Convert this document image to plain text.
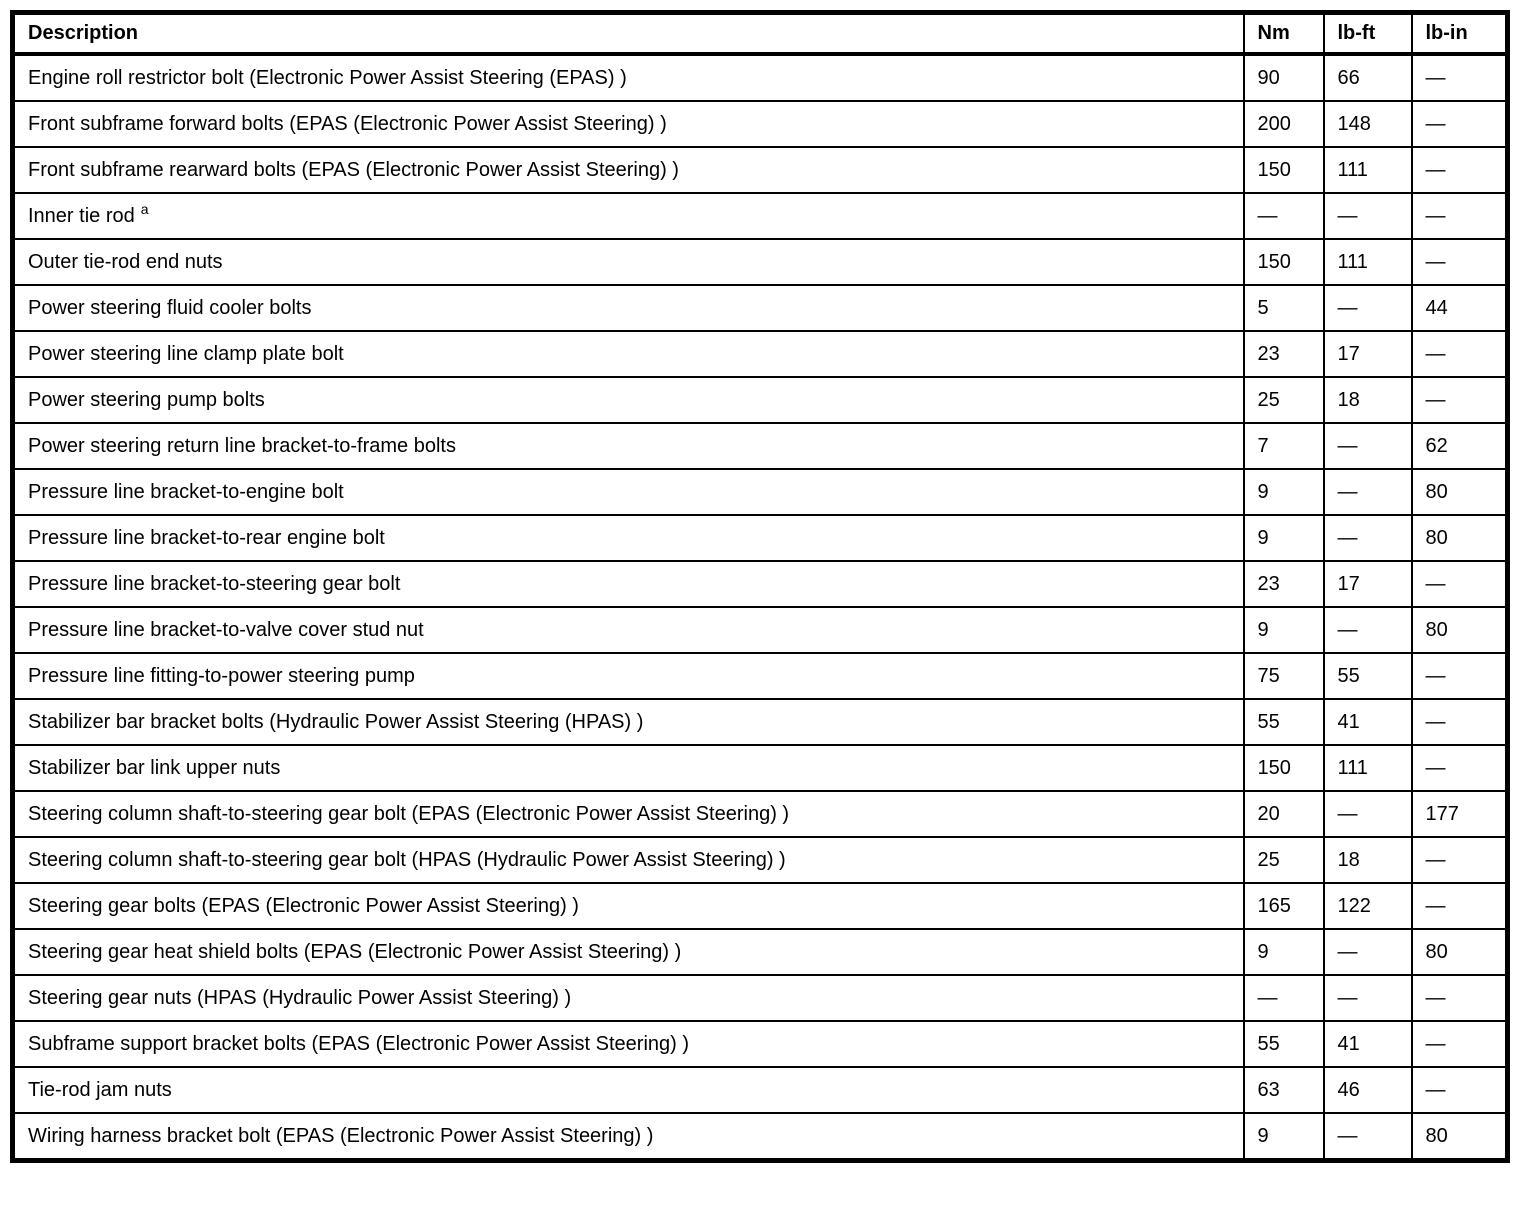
Description	Nm	lb-ft	lb-in
Engine roll restrictor bolt (Electronic Power Assist Steering (EPAS) )	90	66	—
Front subframe forward bolts (EPAS (Electronic Power Assist Steering) )	200	148	—
Front subframe rearward bolts (EPAS (Electronic Power Assist Steering) )	150	111	—
Inner tie rod $^a$	—	—	—
Outer tie-rod end nuts	150	111	—
Power steering fluid cooler bolts	5	—	44
Power steering line clamp plate bolt	23	17	—
Power steering pump bolts	25	18	—
Power steering return line bracket-to-frame bolts	7	—	62
Pressure line bracket-to-engine bolt	9	—	80
Pressure line bracket-to-rear engine bolt	9	—	80
Pressure line bracket-to-steering gear bolt	23	17	—
Pressure line bracket-to-valve cover stud nut	9	—	80
Pressure line fitting-to-power steering pump	75	55	—
Stabilizer bar bracket bolts (Hydraulic Power Assist Steering (HPAS) )	55	41	—
Stabilizer bar link upper nuts	150	111	—
Steering column shaft-to-steering gear bolt (EPAS (Electronic Power Assist Steering) )	20	—	177
Steering column shaft-to-steering gear bolt (HPAS (Hydraulic Power Assist Steering) )	25	18	—
Steering gear bolts (EPAS (Electronic Power Assist Steering) )	165	122	—
Steering gear heat shield bolts (EPAS (Electronic Power Assist Steering) )	9	—	80
Steering gear nuts (HPAS (Hydraulic Power Assist Steering) )	—	—	—
Subframe support bracket bolts (EPAS (Electronic Power Assist Steering) )	55	41	—
Tie-rod jam nuts	63	46	—
Wiring harness bracket bolt (EPAS (Electronic Power Assist Steering) )	9	—	80
